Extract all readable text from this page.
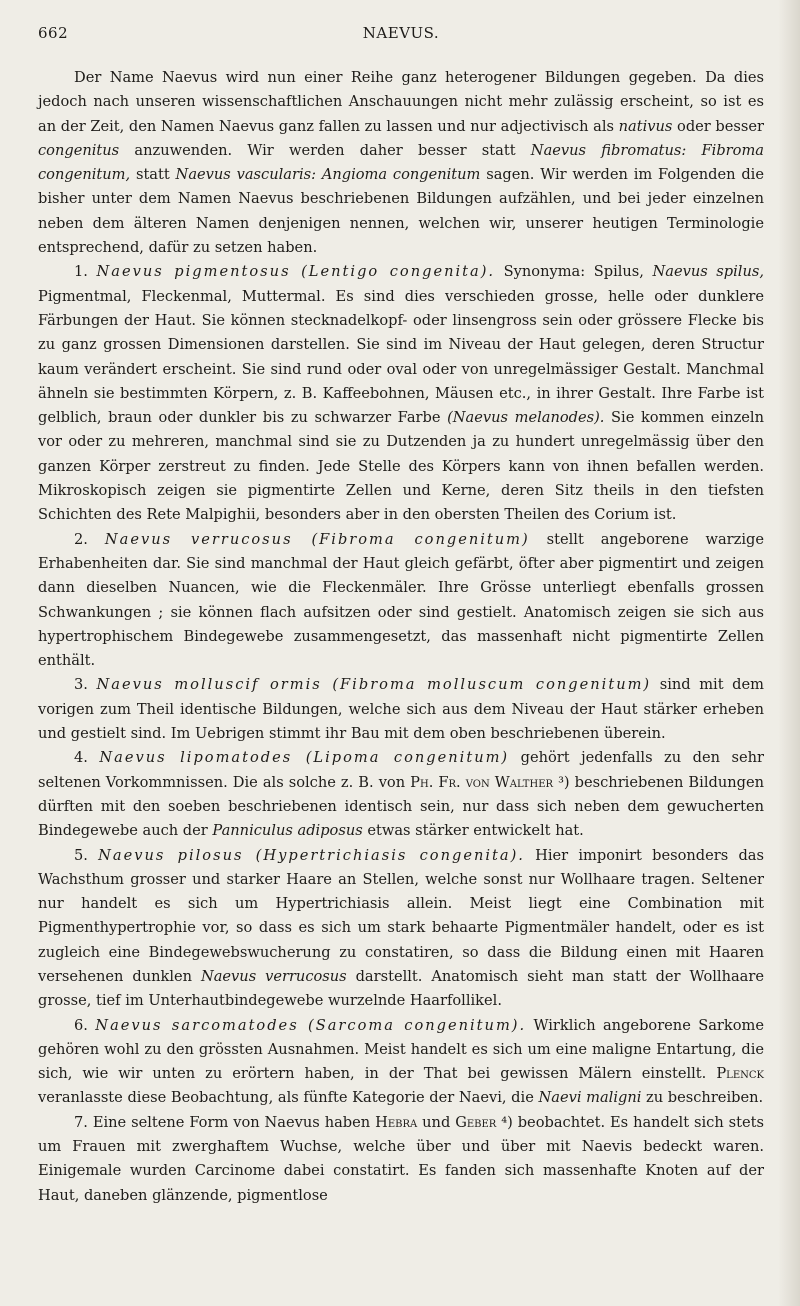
662	NAEVUS.

Der Name Naevus wird nun einer Reihe ganz heterogener Bildungen gegeben. Da dies jedoch nach unseren wissenschaftlichen Anschauungen nicht mehr zulässig erscheint, so ist es an der Zeit, den Namen Naevus ganz fallen zu lassen und nur adjectivisch als nativus oder besser congenitus anzuwenden. Wir werden daher besser statt Naevus fibromatus: Fibroma congenitum, statt Naevus vascularis: Angioma congenitum sagen. Wir werden im Folgenden die bisher unter dem Namen Naevus beschriebenen Bildungen aufzählen, und bei jeder einzelnen neben dem älteren Namen denjenigen nennen, welchen wir, unserer heutigen Terminologie entsprechend, dafür zu setzen haben.

1. Naevus pigmentosus (Lentigo congenita). Synonyma: Spilus, Naevus spilus, Pigmentmal, Fleckenmal, Muttermal. Es sind dies verschieden grosse, helle oder dunklere Färbungen der Haut. Sie können stecknadelkopf- oder linsengross sein oder grössere Flecke bis zu ganz grossen Dimensionen darstellen. Sie sind im Niveau der Haut gelegen, deren Structur kaum verändert erscheint. Sie sind rund oder oval oder von unregelmässiger Gestalt. Manchmal ähneln sie bestimmten Körpern, z. B. Kaffeebohnen, Mäusen etc., in ihrer Gestalt. Ihre Farbe ist gelblich, braun oder dunkler bis zu schwarzer Farbe (Naevus melanodes). Sie kommen einzeln vor oder zu mehreren, manchmal sind sie zu Dutzenden ja zu hundert unregelmässig über den ganzen Körper zerstreut zu finden. Jede Stelle des Körpers kann von ihnen befallen werden. Mikroskopisch zeigen sie pigmentirte Zellen und Kerne, deren Sitz theils in den tiefsten Schichten des Rete Malpighii, besonders aber in den obersten Theilen des Corium ist.

2. Naevus verrucosus (Fibroma congenitum) stellt angeborene warzige Erhabenheiten dar. Sie sind manchmal der Haut gleich gefärbt, öfter aber pigmentirt und zeigen dann dieselben Nuancen, wie die Fleckenmäler. Ihre Grösse unterliegt ebenfalls grossen Schwankungen ; sie können flach aufsitzen oder sind gestielt. Anatomisch zeigen sie sich aus hypertrophischem Bindegewebe zusammengesetzt, das massenhaft nicht pigmentirte Zellen enthält.

3. Naevus molluscif ormis (Fibroma molluscum congenitum) sind mit dem vorigen zum Theil identische Bildungen, welche sich aus dem Niveau der Haut stärker erheben und gestielt sind. Im Uebrigen stimmt ihr Bau mit dem oben beschriebenen überein.

4. Naevus lipomatodes (Lipoma congenitum) gehört jedenfalls zu den sehr seltenen Vorkommnissen. Die als solche z. B. von Ph. Fr. von Walther ³) beschriebenen Bildungen dürften mit den soeben beschriebenen identisch sein, nur dass sich neben dem gewucherten Bindegewebe auch der Panniculus adiposus etwas stärker entwickelt hat.

5. Naevus pilosus (Hypertrichiasis congenita). Hier imponirt besonders das Wachsthum grosser und starker Haare an Stellen, welche sonst nur Wollhaare tragen. Seltener nur handelt es sich um Hypertrichiasis allein. Meist liegt eine Combination mit Pigmenthypertrophie vor, so dass es sich um stark behaarte Pigmentmäler handelt, oder es ist zugleich eine Bindegewebswucherung zu constatiren, so dass die Bildung einen mit Haaren versehenen dunklen Naevus verrucosus darstellt. Anatomisch sieht man statt der Wollhaare grosse, tief im Unterhautbindegewebe wurzelnde Haarfollikel.

6. Naevus sarcomatodes (Sarcoma congenitum). Wirklich angeborene Sarkome gehören wohl zu den grössten Ausnahmen. Meist handelt es sich um eine maligne Entartung, die sich, wie wir unten zu erörtern haben, in der That bei gewissen Mälern einstellt. Plenck veranlasste diese Beobachtung, als fünfte Kategorie der Naevi, die Naevi maligni zu beschreiben.

7. Eine seltene Form von Naevus haben Hebra und Geber ⁴) beobachtet. Es handelt sich stets um Frauen mit zwerghaftem Wuchse, welche über und über mit Naevis bedeckt waren. Einigemale wurden Carcinome dabei constatirt. Es fanden sich massenhafte Knoten auf der Haut, daneben glänzende, pigmentlose
